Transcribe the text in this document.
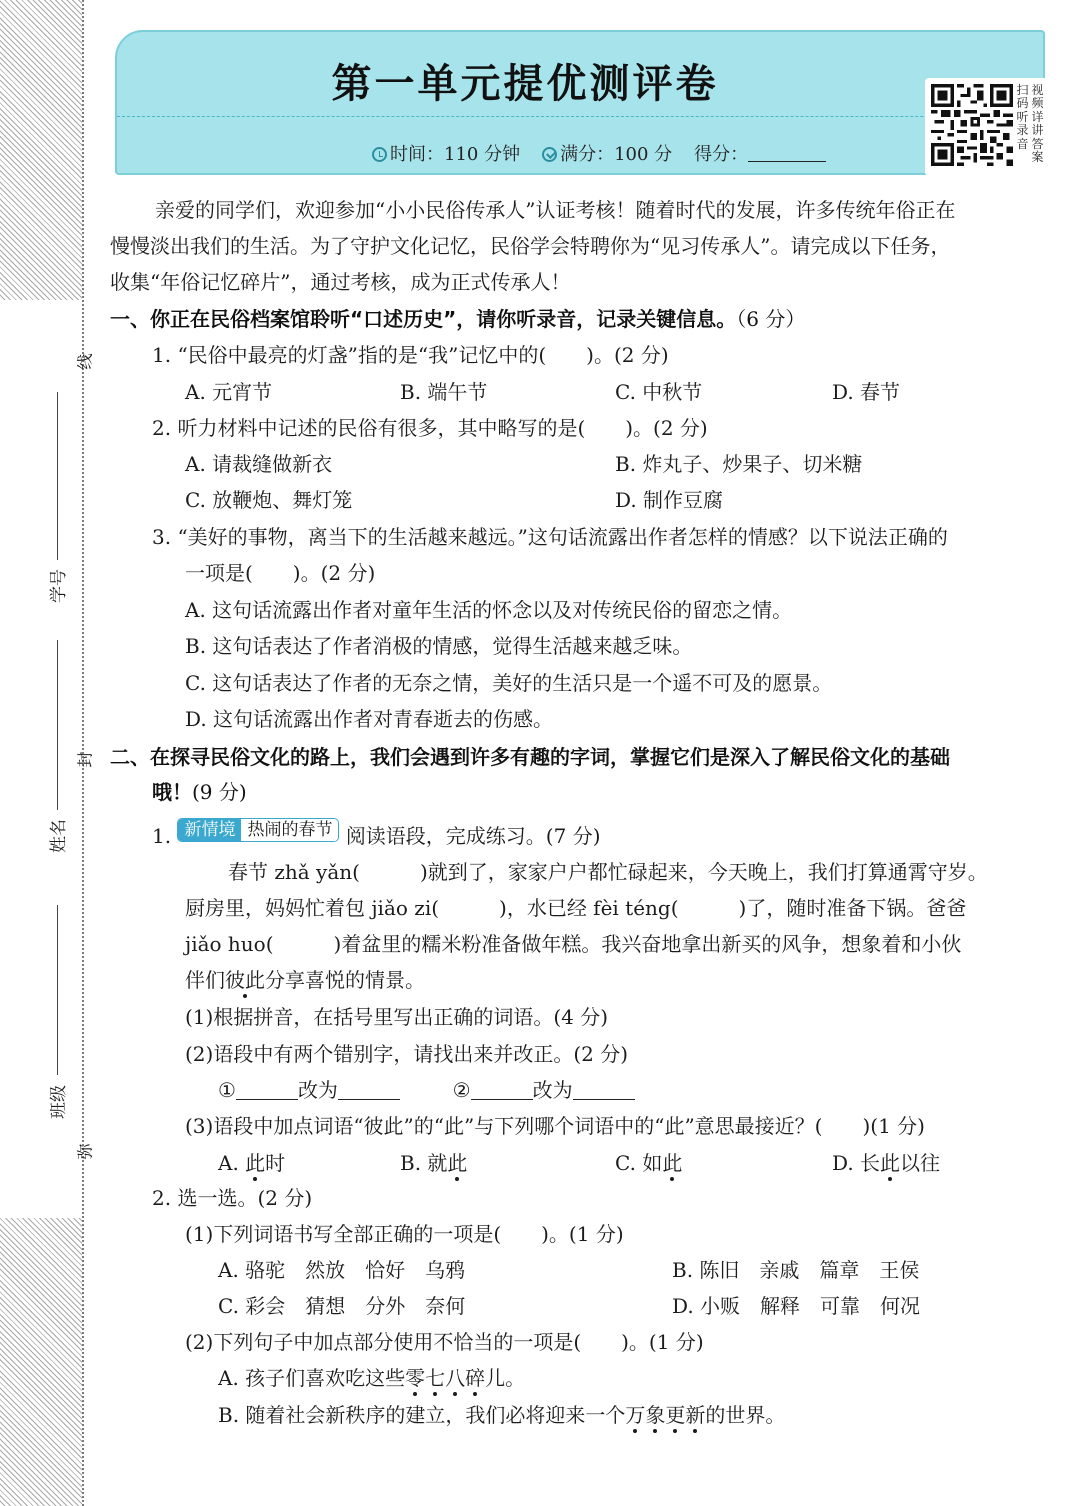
线
封
弥
学号
姓名
班级
第一单元提优测评卷
时间：110 分钟 满分：100 分 得分：
扫码听录音
视频详讲答案
亲爱的同学们，欢迎参加“小小民俗传承人”认证考核！随着时代的发展，许多传统年俗正在
慢慢淡出我们的生活。为了守护文化记忆，民俗学会特聘你为“见习传承人”。请完成以下任务，
收集“年俗记忆碎片”，通过考核，成为正式传承人！
一、你正在民俗档案馆聆听“口述历史”，请你听录音，记录关键信息。（6 分）
1. “民俗中最亮的灯盏”指的是“我”记忆中的(　　)。(2 分)
A. 元宵节	B. 端午节	C. 中秋节	D. 春节
2. 听力材料中记述的民俗有很多，其中略写的是(　　)。(2 分)
A. 请裁缝做新衣	B. 炸丸子、炒果子、切米糖
C. 放鞭炮、舞灯笼	D. 制作豆腐
3. “美好的事物，离当下的生活越来越远。”这句话流露出作者怎样的情感？以下说法正确的
一项是(　　)。(2 分)
A. 这句话流露出作者对童年生活的怀念以及对传统民俗的留恋之情。
B. 这句话表达了作者消极的情感，觉得生活越来越乏味。
C. 这句话表达了作者的无奈之情，美好的生活只是一个遥不可及的愿景。
D. 这句话流露出作者对青春逝去的伤感。
二、在探寻民俗文化的路上，我们会遇到许多有趣的字词，掌握它们是深入了解民俗文化的基础
哦！(9 分)
1. 新情境 热闹的春节 阅读语段，完成练习。(7 分)
春节 zhǎ yǎn(　　　)就到了，家家户户都忙碌起来，今天晚上，我们打算通霄守岁。
厨房里，妈妈忙着包 jiǎo zi(　　　)，水已经 fèi téng(　　　)了，随时准备下锅。爸爸
jiǎo huo(　　　)着盆里的糯米粉准备做年糕。我兴奋地拿出新买的风争，想象着和小伙
伴们彼此分享喜悦的情景。
(1)根据拼音，在括号里写出正确的词语。(4 分)
(2)语段中有两个错别字，请找出来并改正。(2 分)
①	改为	②	改为
(3)语段中加点词语“彼此”的“此”与下列哪个词语中的“此”意思最接近？(　　)(1 分)
A. 此时	B. 就此	C. 如此	D. 长此以往
2. 选一选。(2 分)
(1)下列词语书写全部正确的一项是(　　)。(1 分)
A. 骆驼　然放　恰好　乌鸦	B. 陈旧　亲戚　篇章　王侯
C. 彩会　猜想　分外　奈何	D. 小贩　解释　可靠　何况
(2)下列句子中加点部分使用不恰当的一项是(　　)。(1 分)
A. 孩子们喜欢吃这些零七八碎儿。
B. 随着社会新秩序的建立，我们必将迎来一个万象更新的世界。
